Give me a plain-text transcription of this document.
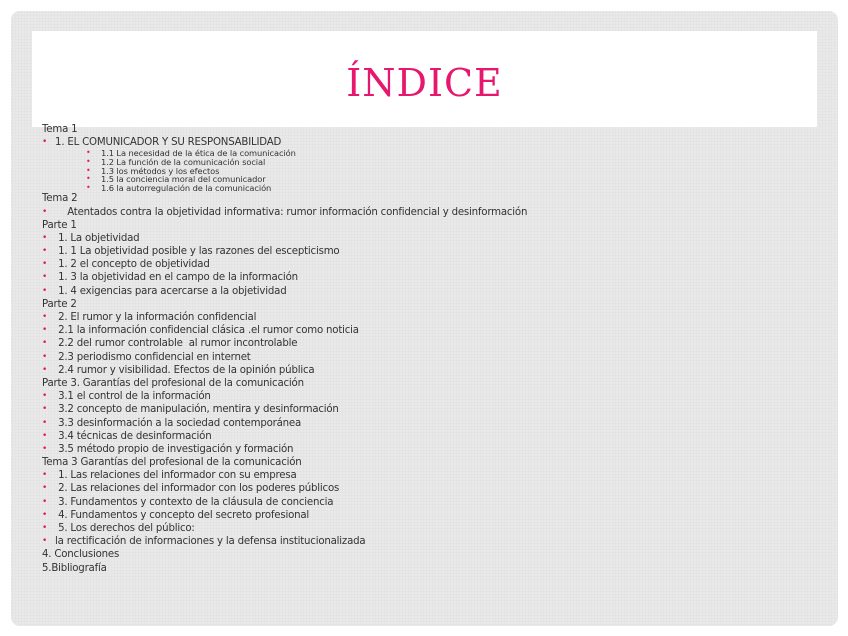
ÍNDICE
Tema 1
• 1. EL COMUNICADOR Y SU RESPONSABILIDAD
• 1.1 La necesidad de la ética de la comunicación
• 1.2 La función de la comunicación social
• 1.3 los métodos y los efectos
• 1.5 la conciencia moral del comunicador
• 1.6 la autorregulación de la comunicación
Tema 2
• Atentados contra la objetividad informativa: rumor información confidencial y desinformación
Parte 1
• 1. La objetividad
• 1. 1 La objetividad posible y las razones del escepticismo
• 1. 2 el concepto de objetividad
• 1. 3 la objetividad en el campo de la información
• 1. 4 exigencias para acercarse a la objetividad
Parte 2
• 2. El rumor y la información confidencial
• 2.1 la información confidencial clásica .el rumor como noticia
• 2.2 del rumor controlable  al rumor incontrolable
• 2.3 periodismo confidencial en internet
• 2.4 rumor y visibilidad. Efectos de la opinión pública
Parte 3. Garantías del profesional de la comunicación
• 3.1 el control de la información
• 3.2 concepto de manipulación, mentira y desinformación
• 3.3 desinformación a la sociedad contemporánea
• 3.4 técnicas de desinformación
• 3.5 método propio de investigación y formación
Tema 3 Garantías del profesional de la comunicación
• 1. Las relaciones del informador con su empresa
• 2. Las relaciones del informador con los poderes públicos
• 3. Fundamentos y contexto de la cláusula de conciencia
• 4. Fundamentos y concepto del secreto profesional
• 5. Los derechos del público:
• la rectificación de informaciones y la defensa institucionalizada
4. Conclusiones
5.Bibliografía
